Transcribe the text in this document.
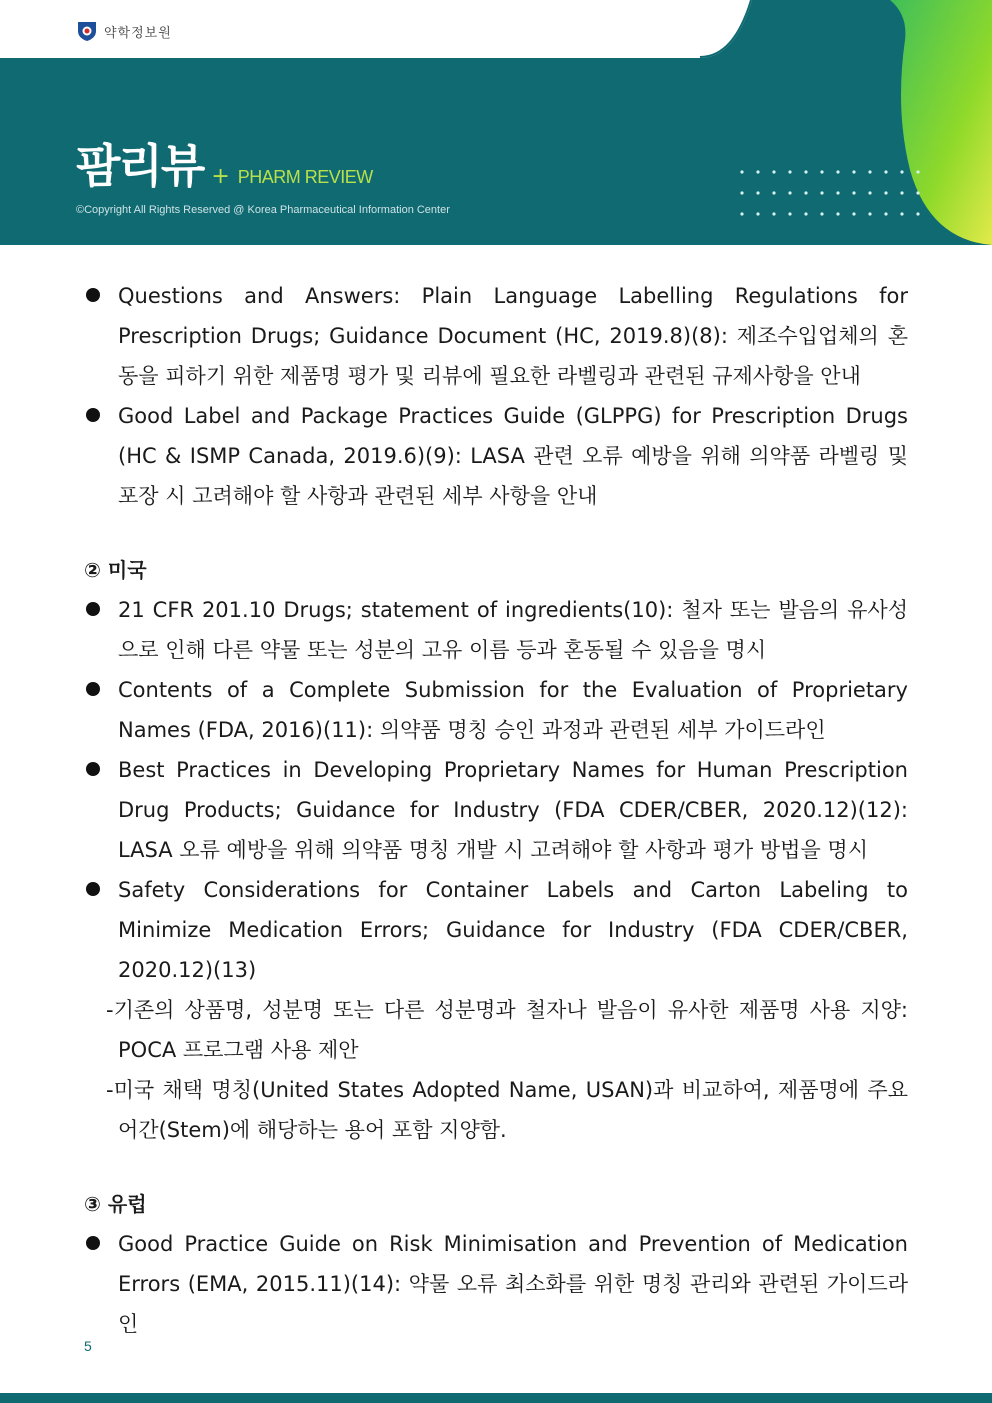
약학정보원
팜리뷰 + PHARM REVIEW
©Copyright All Rights Reserved @ Korea Pharmaceutical Information Center
Questions and Answers: Plain Language Labelling Regulations for Prescription Drugs; Guidance Document (HC, 2019.8)(8): 제조수입업체의 혼동을 피하기 위한 제품명 평가 및 리뷰에 필요한 라벨링과 관련된 규제사항을 안내
Good Label and Package Practices Guide (GLPPG) for Prescription Drugs (HC & ISMP Canada, 2019.6)(9): LASA 관련 오류 예방을 위해 의약품 라벨링 및 포장 시 고려해야 할 사항과 관련된 세부 사항을 안내
② 미국
21 CFR 201.10 Drugs; statement of ingredients(10): 철자 또는 발음의 유사성으로 인해 다른 약물 또는 성분의 고유 이름 등과 혼동될 수 있음을 명시
Contents of a Complete Submission for the Evaluation of Proprietary Names (FDA, 2016)(11): 의약품 명칭 승인 과정과 관련된 세부 가이드라인
Best Practices in Developing Proprietary Names for Human Prescription Drug Products; Guidance for Industry (FDA CDER/CBER, 2020.12)(12): LASA 오류 예방을 위해 의약품 명칭 개발 시 고려해야 할 사항과 평가 방법을 명시
Safety Considerations for Container Labels and Carton Labeling to Minimize Medication Errors; Guidance for Industry (FDA CDER/CBER, 2020.12)(13)
-기존의 상품명, 성분명 또는 다른 성분명과 철자나 발음이 유사한 제품명 사용 지양: POCA 프로그램 사용 제안
-미국 채택 명칭(United States Adopted Name, USAN)과 비교하여, 제품명에 주요 어간(Stem)에 해당하는 용어 포함 지양함.
③ 유럽
Good Practice Guide on Risk Minimisation and Prevention of Medication Errors (EMA, 2015.11)(14): 약물 오류 최소화를 위한 명칭 관리와 관련된 가이드라인
5
